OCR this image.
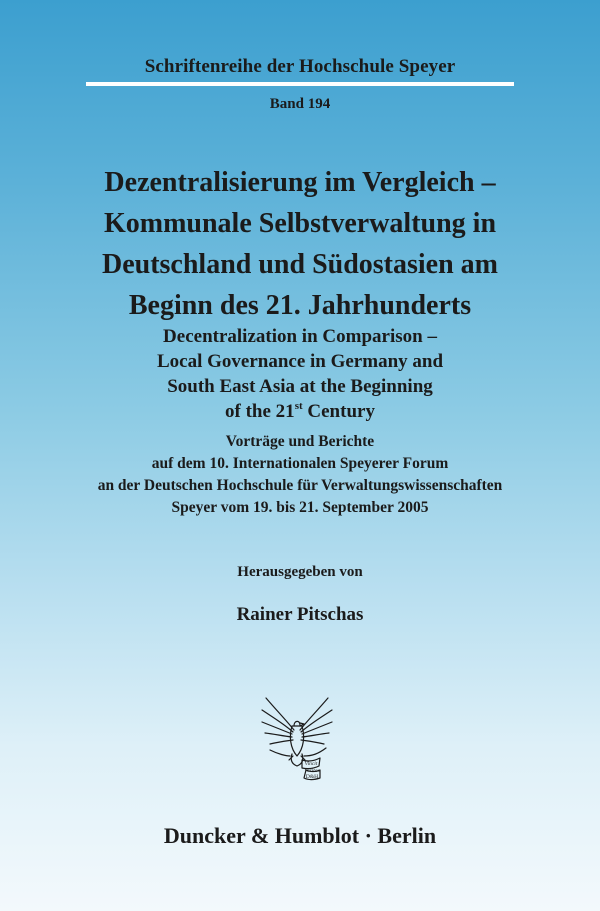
Schriftenreihe der Hochschule Speyer
Band 194
Dezentralisierung im Vergleich –
Kommunale Selbstverwaltung in
Deutschland und Südostasien am
Beginn des 21. Jahrhunderts
Decentralization in Comparison –
Local Governance in Germany and
South East Asia at the Beginning
of the 21st Century
Vorträge und Berichte
auf dem 10. Internationalen Speyerer Forum
an der Deutschen Hochschule für Verwaltungswissenschaften
Speyer vom 19. bis 21. September 2005
Herausgegeben von
Rainer Pitschas
Vincit
Veritas
D&H
Duncker & Humblot · Berlin
